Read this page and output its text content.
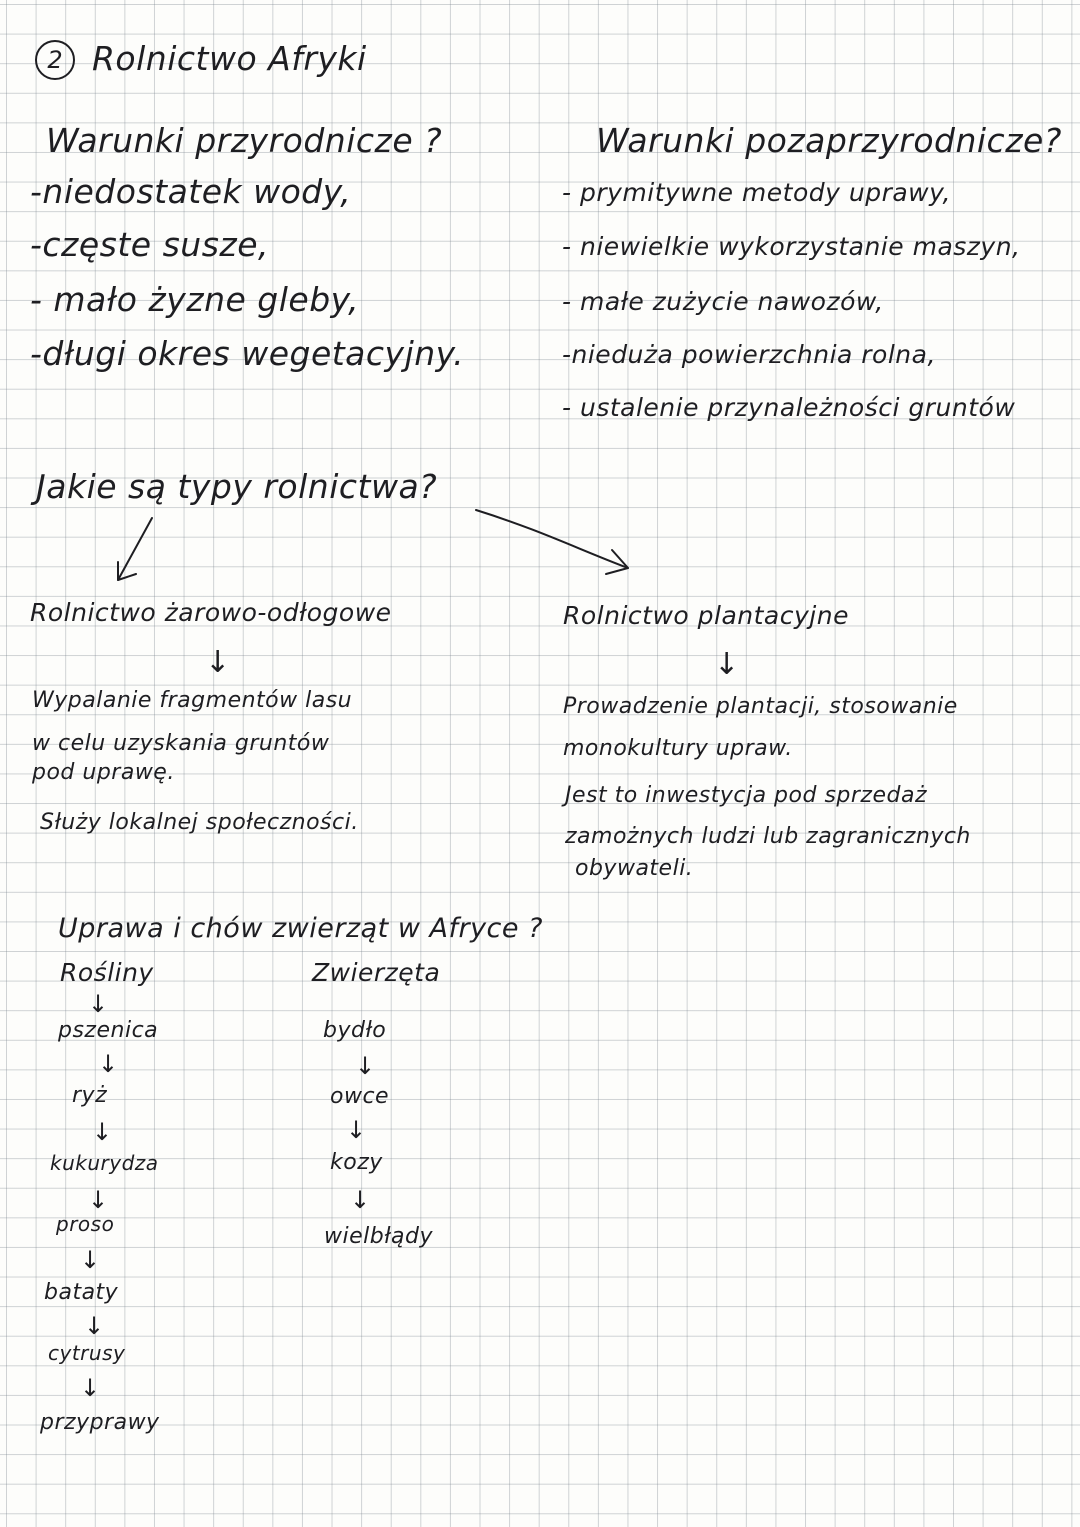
2 Rolnictwo Afryki
Warunki przyrodnicze ?
-niedostatek wody,
-częste susze,
- mało żyzne gleby,
-długi okres wegetacyjny.
Warunki pozaprzyrodnicze?
- prymitywne metody uprawy,
- niewielkie wykorzystanie maszyn,
- małe zużycie nawozów,
-nieduża powierzchnia rolna,
- ustalenie przynależności gruntów
Jakie są typy rolnictwa?
Rolnictwo żarowo-odłogowe
↓
Wypalanie fragmentów lasu
w celu uzyskania gruntów
pod uprawę.
Służy lokalnej społeczności.
Rolnictwo plantacyjne
↓
Prowadzenie plantacji, stosowanie
monokultury upraw.
Jest to inwestycja pod sprzedaż
zamożnych ludzi lub zagranicznych
obywateli.
Uprawa i chów zwierząt w Afryce ?
Rośliny
↓
pszenica
↓
ryż
↓
kukurydza
↓
proso
↓
bataty
↓
cytrusy
↓
przyprawy
Zwierzęta
bydło
↓
owce
↓
kozy
↓
wielbłądy
